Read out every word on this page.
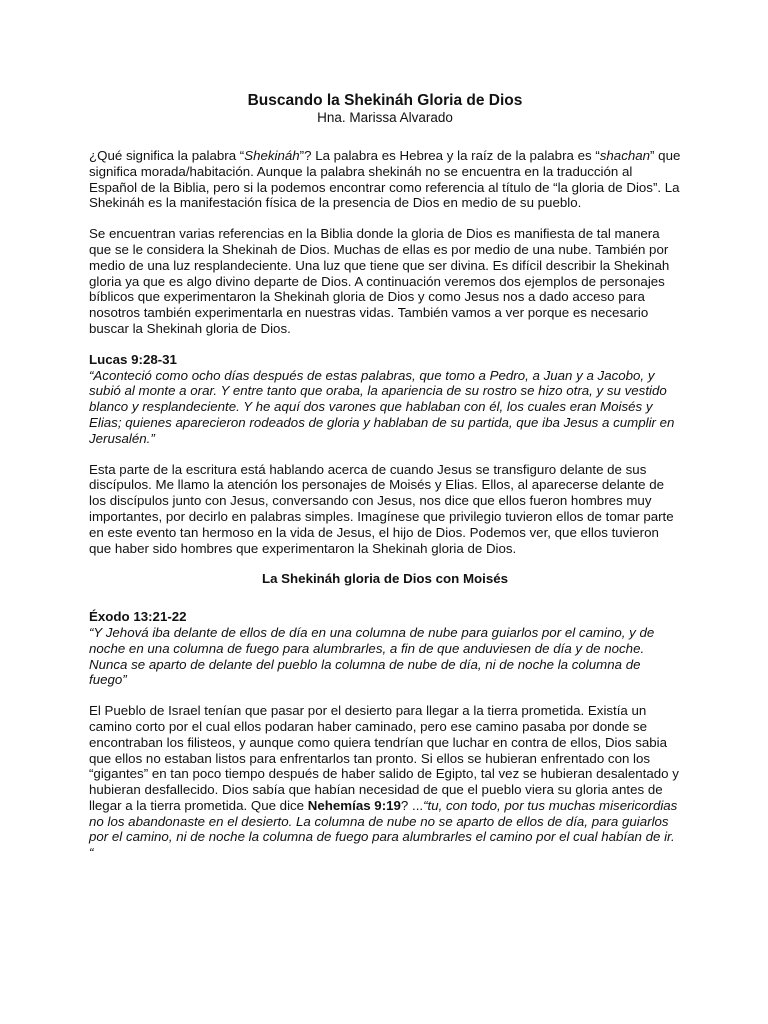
Buscando la Shekináh Gloria de Dios
Hna. Marissa Alvarado

¿Qué significa la palabra “Shekináh”? La palabra es Hebrea y la raíz de la palabra es “shachan” que significa morada/habitación. Aunque la palabra shekináh no se encuentra en la traducción al Español de la Biblia, pero si la podemos encontrar como referencia al título de “la gloria de Dios”. La Shekináh es la manifestación física de la presencia de Dios en medio de su pueblo.

Se encuentran varias referencias en la Biblia donde la gloria de Dios es manifiesta de tal manera que se le considera la Shekinah de Dios. Muchas de ellas es por medio de una nube. También por medio de una luz resplandeciente. Una luz que tiene que ser divina. Es difícil describir la Shekinah gloria ya que es algo divino departe de Dios. A continuación veremos dos ejemplos de personajes bíblicos que experimentaron la Shekinah gloria de Dios y como Jesus nos a dado acceso para nosotros también experimentarla en nuestras vidas. También vamos a ver porque es necesario buscar la Shekinah gloria de Dios.

Lucas 9:28-31
“Aconteció como ocho días después de estas palabras, que tomo a Pedro, a Juan y a Jacobo, y subió al monte a orar. Y entre tanto que oraba, la apariencia de su rostro se hizo otra, y su vestido blanco y resplandeciente. Y he aquí dos varones que hablaban con él, los cuales eran Moisés y Elias; quienes aparecieron rodeados de gloria y hablaban de su partida, que iba Jesus a cumplir en Jerusalén.”

Esta parte de la escritura está hablando acerca de cuando Jesus se transfiguro delante de sus discípulos. Me llamo la atención los personajes de Moisés y Elias. Ellos, al aparecerse delante de los discípulos junto con Jesus, conversando con Jesus, nos dice que ellos fueron hombres muy importantes, por decirlo en palabras simples. Imagínese que privilegio tuvieron ellos de tomar parte en este evento tan hermoso en la vida de Jesus, el hijo de Dios. Podemos ver, que ellos tuvieron que haber sido hombres que experimentaron la Shekinah gloria de Dios.

La Shekináh gloria de Dios con Moisés
Éxodo 13:21-22
“Y Jehová iba delante de ellos de día en una columna de nube para guiarlos por el camino, y de noche en una columna de fuego para alumbrarles, a fin de que anduviesen de día y de noche. Nunca se aparto de delante del pueblo la columna de nube de día, ni de noche la columna de fuego”

El Pueblo de Israel tenían que pasar por el desierto para llegar a la tierra prometida. Existía un camino corto por el cual ellos podaran haber caminado, pero ese camino pasaba por donde se encontraban los filisteos, y aunque como quiera tendrían que luchar en contra de ellos, Dios sabia que ellos no estaban listos para enfrentarlos tan pronto. Si ellos se hubieran enfrentado con los “gigantes” en tan poco tiempo después de haber salido de Egipto, tal vez se hubieran desalentado y hubieran desfallecido. Dios sabía que habían necesidad de que el pueblo viera su gloria antes de llegar a la tierra prometida. Que dice Nehemías 9:19? ...“tu, con todo, por tus muchas misericordias no los abandonaste en el desierto. La columna de nube no se aparto de ellos de día, para guiarlos por el camino, ni de noche la columna de fuego para alumbrarles el camino por el cual habían de ir. “
